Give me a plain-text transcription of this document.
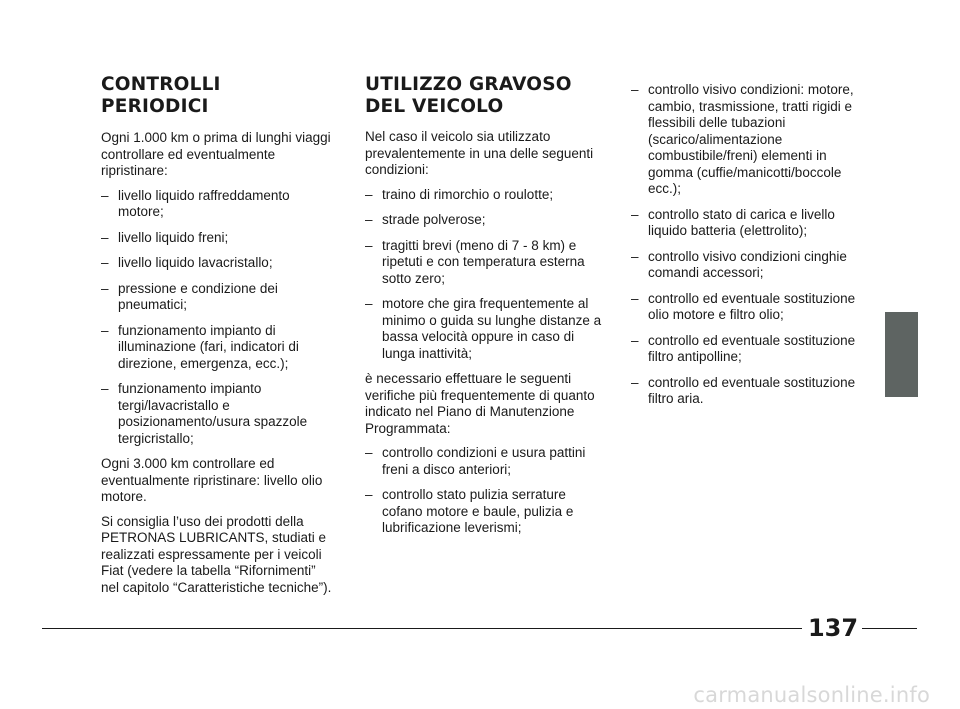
CONTROLLI PERIODICI

Ogni 1.000 km o prima di lunghi viaggi controllare ed eventualmente ripristinare:

– livello liquido raffreddamento motore;
– livello liquido freni;
– livello liquido lavacristallo;
– pressione e condizione dei pneumatici;
– funzionamento impianto di illuminazione (fari, indicatori di direzione, emergenza, ecc.);
– funzionamento impianto tergi/lavacristallo e posizionamento/usura spazzole tergicristallo;

Ogni 3.000 km controllare ed eventualmente ripristinare: livello olio motore.

Si consiglia l’uso dei prodotti della PETRONAS LUBRICANTS, studiati e realizzati espressamente per i veicoli Fiat (vedere la tabella “Rifornimenti” nel capitolo “Caratteristiche tecniche”).

UTILIZZO GRAVOSO DEL VEICOLO

Nel caso il veicolo sia utilizzato prevalentemente in una delle seguenti condizioni:

– traino di rimorchio o roulotte;
– strade polverose;
– tragitti brevi (meno di 7 - 8 km) e ripetuti e con temperatura esterna sotto zero;
– motore che gira frequentemente al minimo o guida su lunghe distanze a bassa velocità oppure in caso di lunga inattività;

è necessario effettuare le seguenti verifiche più frequentemente di quanto indicato nel Piano di Manutenzione Programmata:

– controllo condizioni e usura pattini freni a disco anteriori;
– controllo stato pulizia serrature cofano motore e baule, pulizia e lubrificazione leverismi;
– controllo visivo condizioni: motore, cambio, trasmissione, tratti rigidi e flessibili delle tubazioni (scarico/alimentazione combustibile/freni) elementi in gomma (cuffie/manicotti/boccole ecc.);
– controllo stato di carica e livello liquido batteria (elettrolito);
– controllo visivo condizioni cinghie comandi accessori;
– controllo ed eventuale sostituzione olio motore e filtro olio;
– controllo ed eventuale sostituzione filtro antipolline;
– controllo ed eventuale sostituzione filtro aria.
137
carmanualsonline.info
